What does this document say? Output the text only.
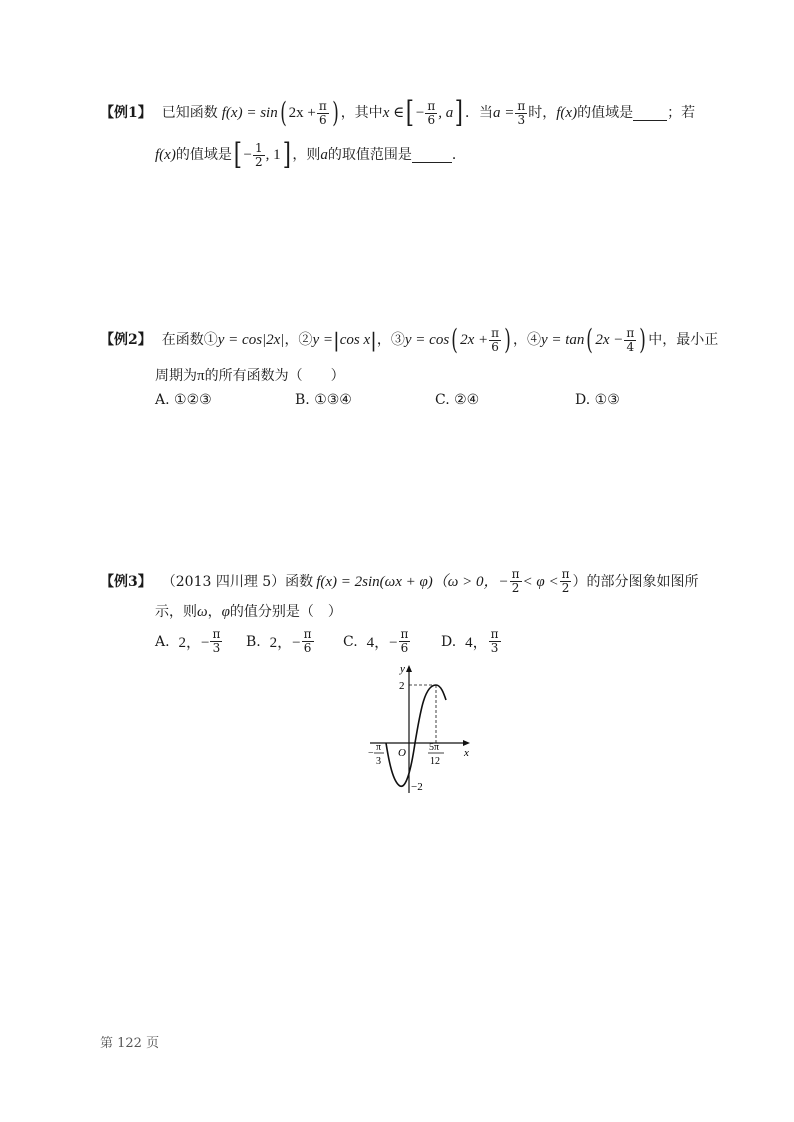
【例1】 已知函数 f(x) = sin ( $2x + \frac{\pi}{6}$ ) ，其中 x ∈ [ − $\frac{\pi}{6}$ , a ] ．当 $a = \frac{\pi}{3}$ 时， f(x) 的值域是 ；若
f(x) 的值域是 [ − $\frac{1}{2}$ , 1 ] ，则 a 的取值范围是	．
【例2】 在函数① y = cos|2x| ，② y = | cos x | ，③ y = cos ( $2x + \frac{\pi}{6}$ ) ，④ y = tan ( $2x - \frac{\pi}{4}$ ) 中，最小正
周期为π的所有函数为（　　）
A. ①②③	B. ①③④	C. ②④	D. ①③
【例3】 （2013 四川理 5）函数 f(x) = 2sin(ωx + φ) （ω > 0，− $\frac{\pi}{2} < \varphi < \frac{\pi}{2}$ ）的部分图象如图所
示，则ω，φ的值分别是（　）
A.
2，− $\frac{\pi}{3} B$.
2，− $\frac{\pi}{6} C$.
4，− $\frac{\pi}{6} D$.
4， $\frac{\pi}{3}$
y
x
O
2
−2
−
π
3
5π
12
第 122 页
